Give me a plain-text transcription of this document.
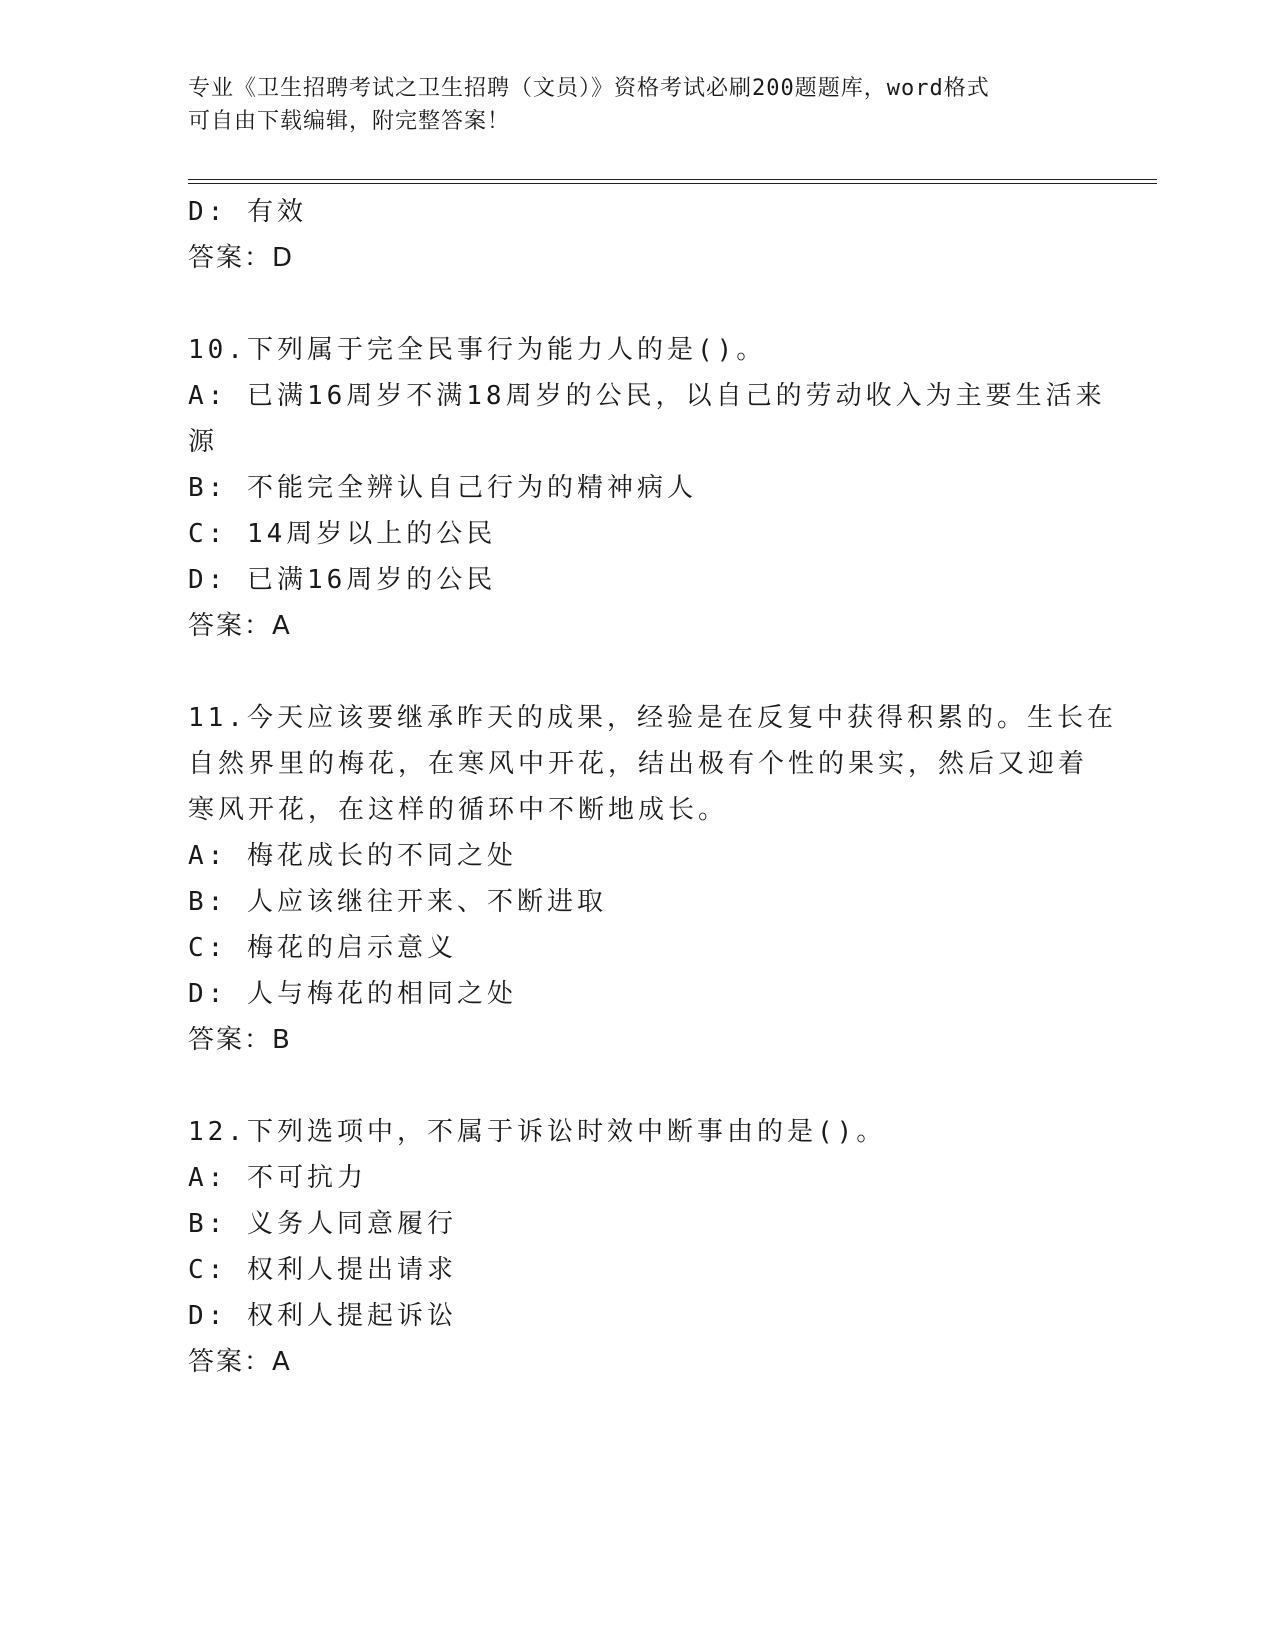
专业《卫生招聘考试之卫生招聘（文员）》资格考试必刷200题题库，word格式
可自由下载编辑，附完整答案！
D: 有效
答案：D
10.下列属于完全民事行为能力人的是()。
A: 已满16周岁不满18周岁的公民，以自己的劳动收入为主要生活来
源
B: 不能完全辨认自己行为的精神病人
C: 14周岁以上的公民
D: 已满16周岁的公民
答案：A
11.今天应该要继承昨天的成果，经验是在反复中获得积累的。生长在
自然界里的梅花，在寒风中开花，结出极有个性的果实，然后又迎着
寒风开花，在这样的循环中不断地成长。
A: 梅花成长的不同之处
B: 人应该继往开来、不断进取
C: 梅花的启示意义
D: 人与梅花的相同之处
答案：B
12.下列选项中，不属于诉讼时效中断事由的是()。
A: 不可抗力
B: 义务人同意履行
C: 权利人提出请求
D: 权利人提起诉讼
答案：A
